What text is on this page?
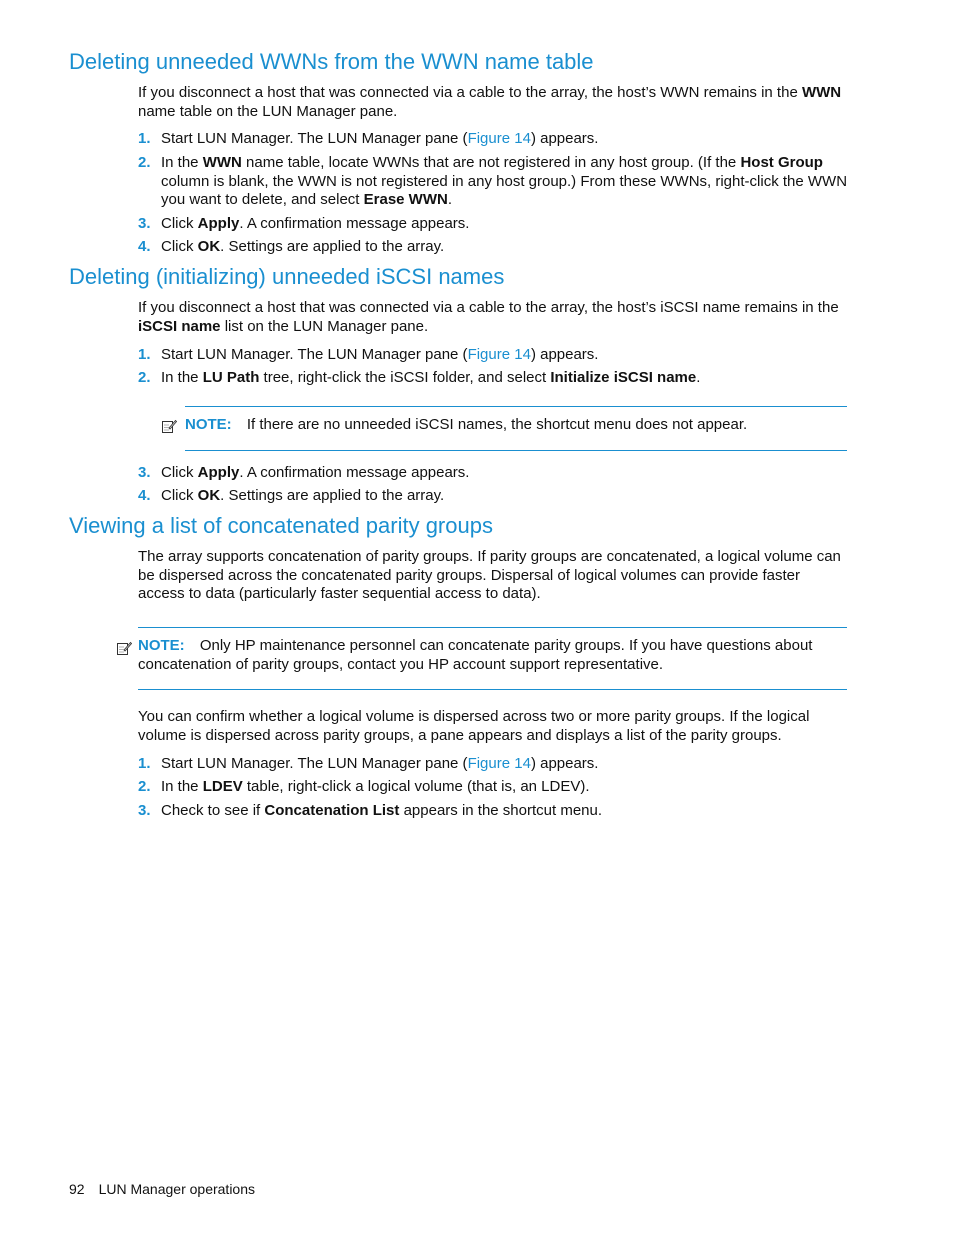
Deleting unneeded WWNs from the WWN name table

If you disconnect a host that was connected via a cable to the array, the host’s WWN remains in the WWN name table on the LUN Manager pane.

1. Start LUN Manager. The LUN Manager pane (Figure 14) appears.
2. In the WWN name table, locate WWNs that are not registered in any host group. (If the Host Group column is blank, the WWN is not registered in any host group.) From these WWNs, right-click the WWN you want to delete, and select Erase WWN.
3. Click Apply. A confirmation message appears.
4. Click OK. Settings are applied to the array.
Deleting (initializing) unneeded iSCSI names

If you disconnect a host that was connected via a cable to the array, the host’s iSCSI name remains in the iSCSI name list on the LUN Manager pane.

1. Start LUN Manager. The LUN Manager pane (Figure 14) appears.
2. In the LU Path tree, right-click the iSCSI folder, and select Initialize iSCSI name.
NOTE: If there are no unneeded iSCSI names, the shortcut menu does not appear.
3. Click Apply. A confirmation message appears.
4. Click OK. Settings are applied to the array.
Viewing a list of concatenated parity groups

The array supports concatenation of parity groups. If parity groups are concatenated, a logical volume can be dispersed across the concatenated parity groups. Dispersal of logical volumes can provide faster access to data (particularly faster sequential access to data).

NOTE: Only HP maintenance personnel can concatenate parity groups. If you have questions about concatenation of parity groups, contact you HP account support representative.

You can confirm whether a logical volume is dispersed across two or more parity groups. If the logical volume is dispersed across parity groups, a pane appears and displays a list of the parity groups.

1. Start LUN Manager. The LUN Manager pane (Figure 14) appears.
2. In the LDEV table, right-click a logical volume (that is, an LDEV).
3. Check to see if Concatenation List appears in the shortcut menu.
92 LUN Manager operations
